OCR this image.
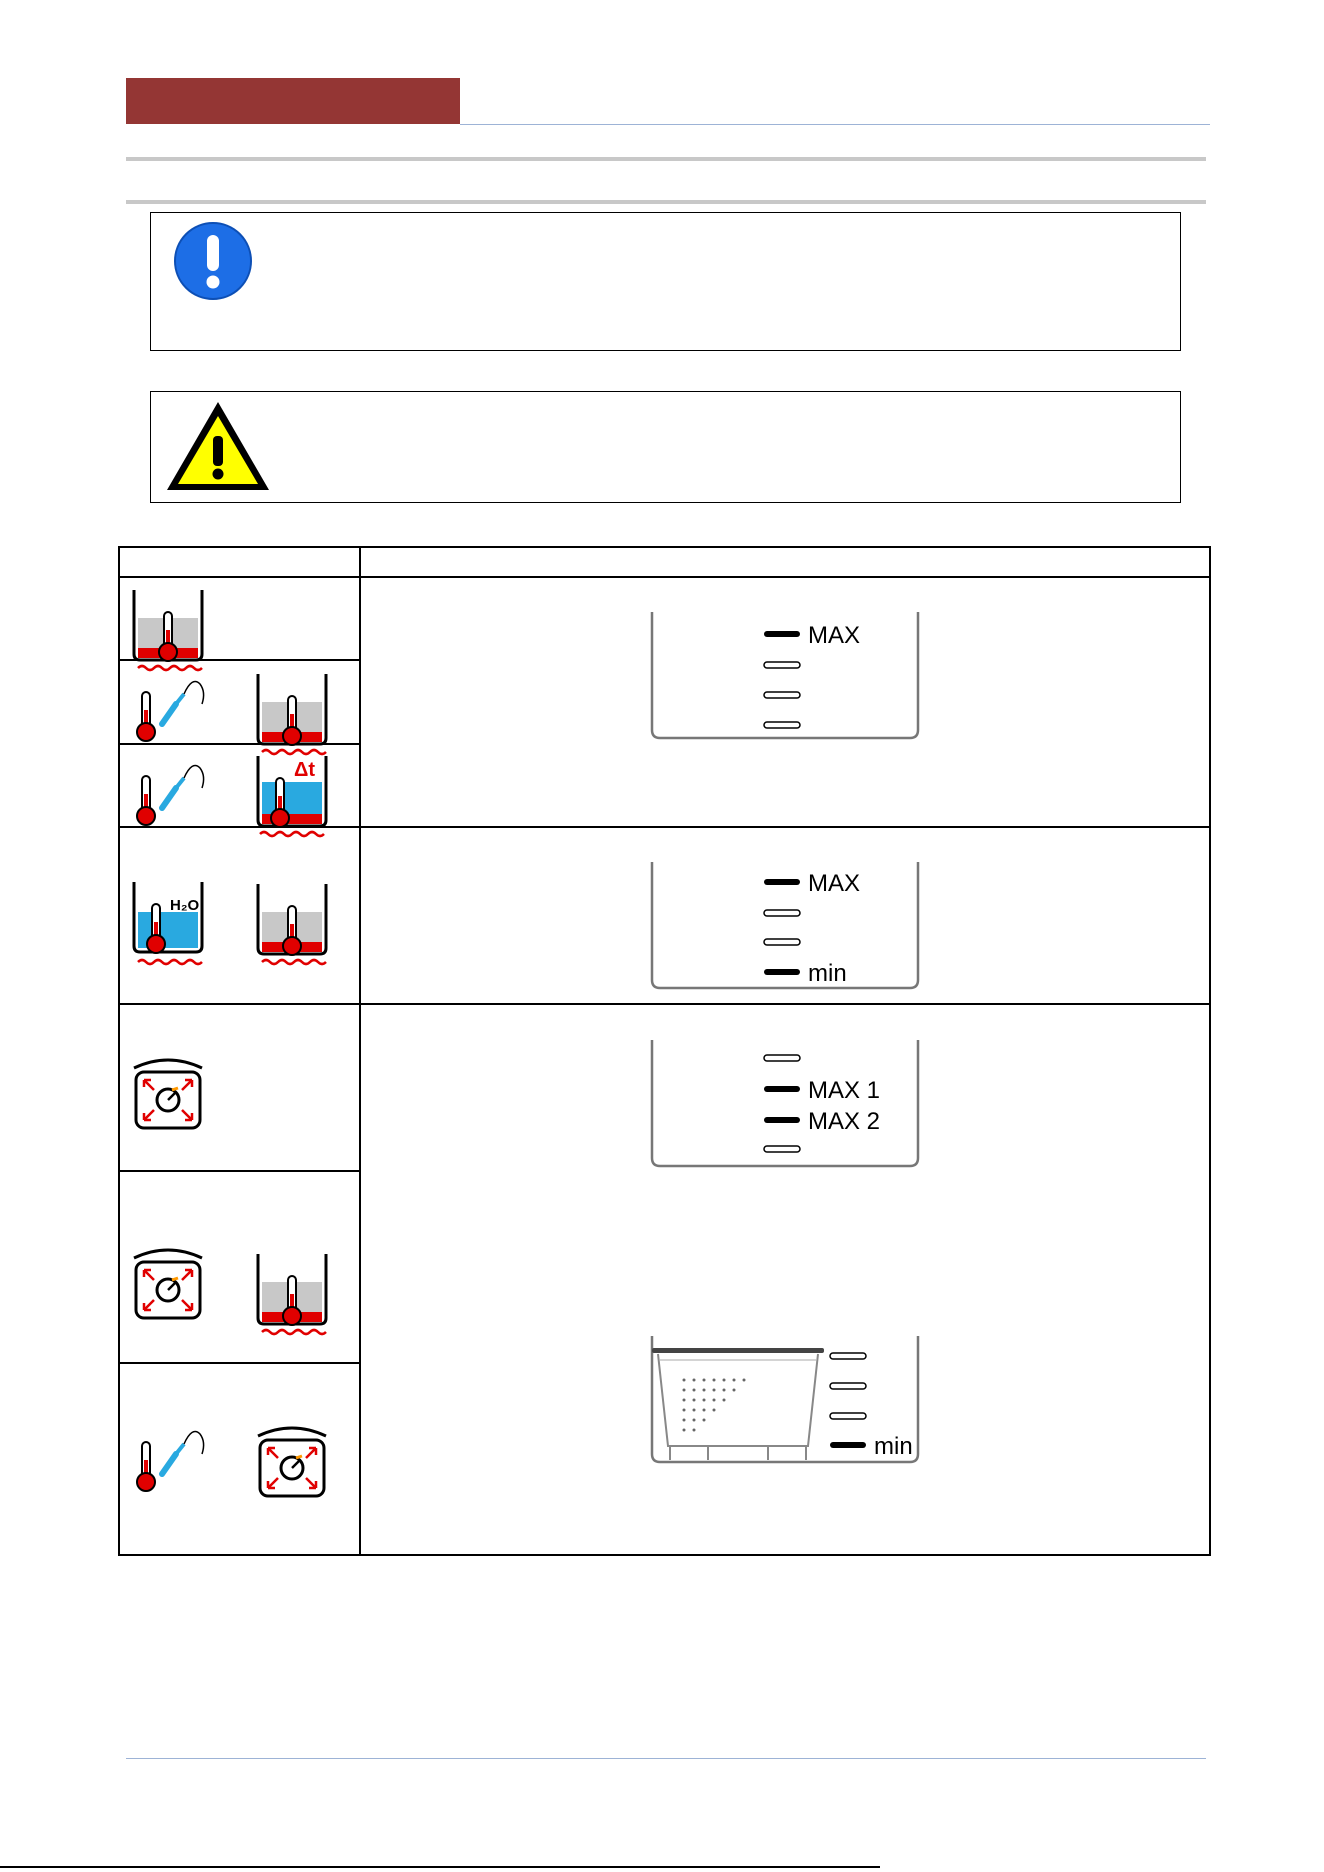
H₂O
MAX
MAX
min
MAX 1
MAX 2
min
